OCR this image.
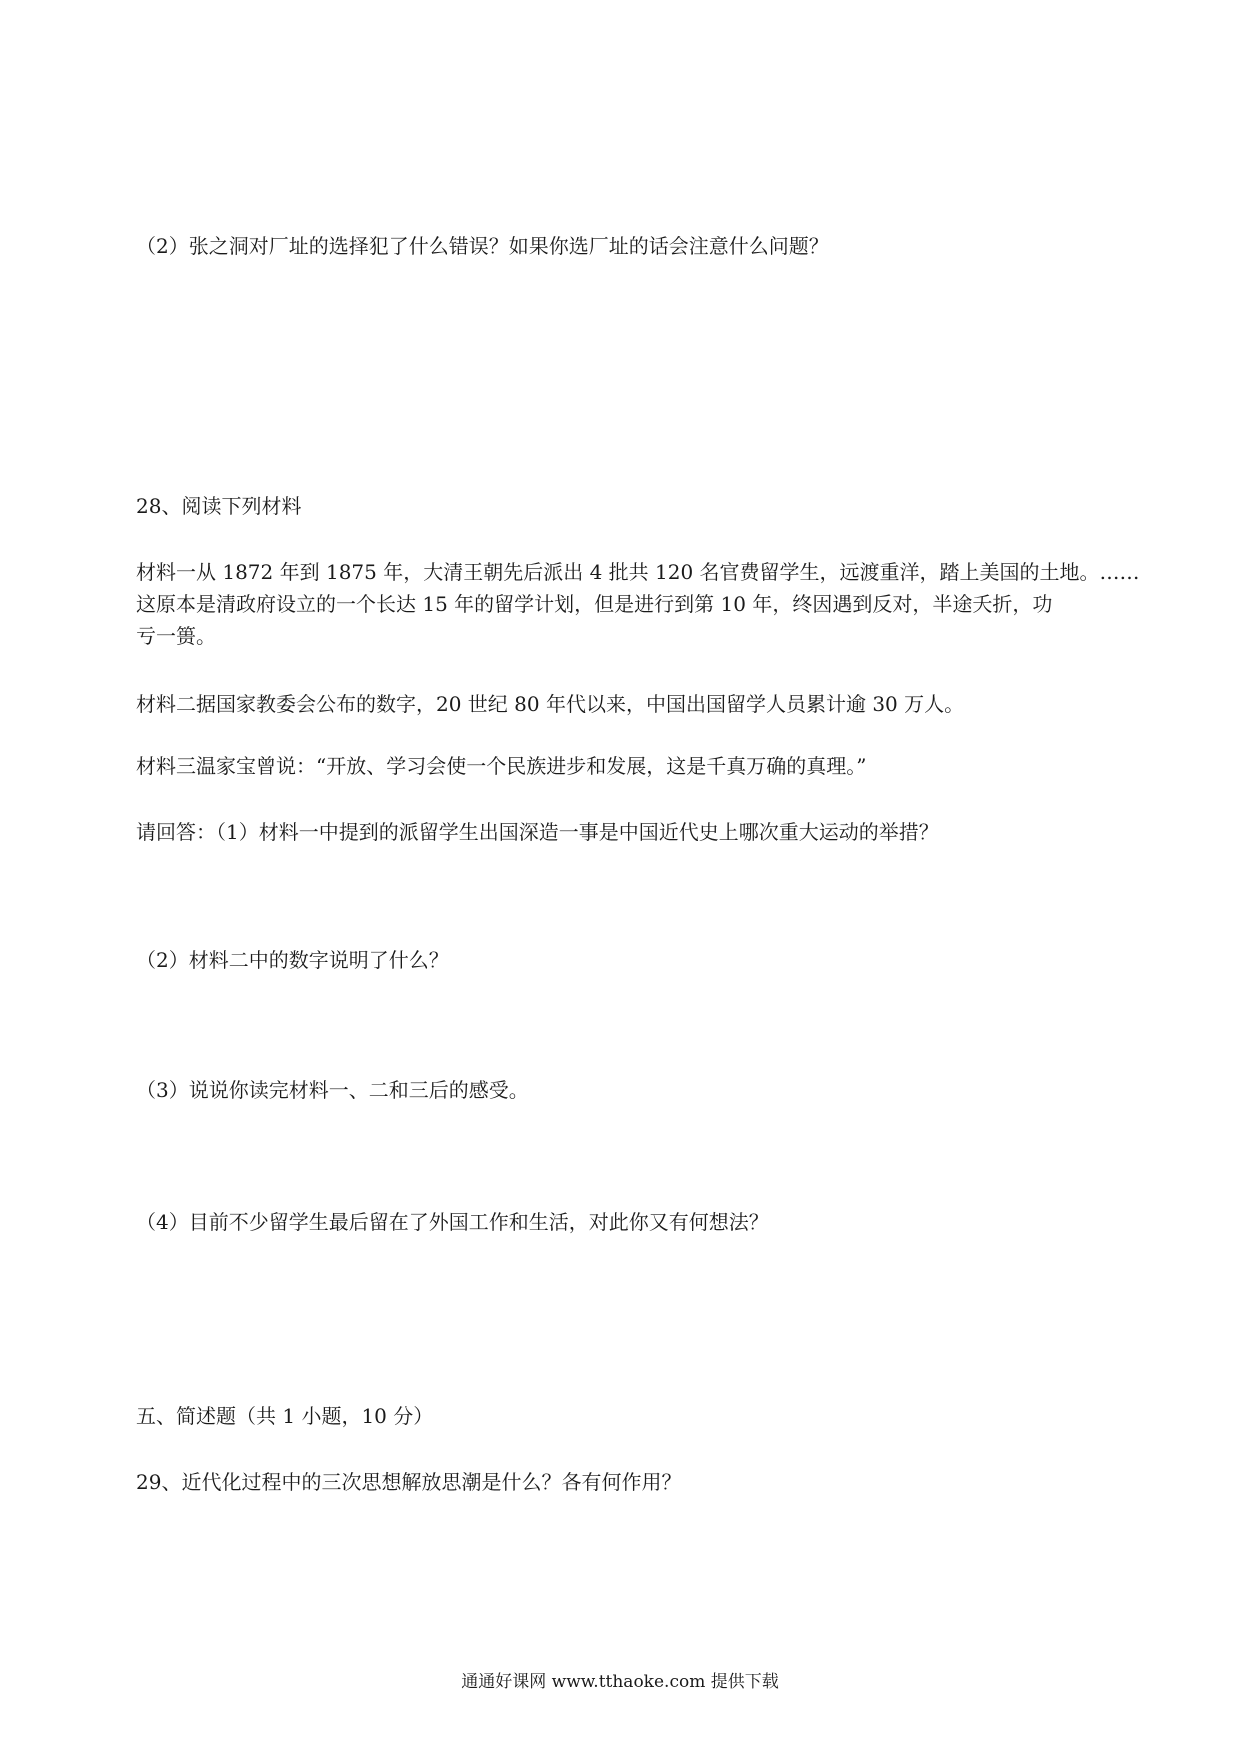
（2）张之洞对厂址的选择犯了什么错误？如果你选厂址的话会注意什么问题？
28、阅读下列材料
材料一从 1872 年到 1875 年，大清王朝先后派出 4 批共 120 名官费留学生，远渡重洋，踏上美国的土地。……
这原本是清政府设立的一个长达 15 年的留学计划，但是进行到第 10 年，终因遇到反对，半途夭折，功
亏一篑。
材料二据国家教委会公布的数字，20 世纪 80 年代以来，中国出国留学人员累计逾 30 万人。
材料三温家宝曾说：“开放、学习会使一个民族进步和发展，这是千真万确的真理。”
请回答：（1）材料一中提到的派留学生出国深造一事是中国近代史上哪次重大运动的举措？
（2）材料二中的数字说明了什么？
（3）说说你读完材料一、二和三后的感受。
（4）目前不少留学生最后留在了外国工作和生活，对此你又有何想法？
五、简述题（共 1 小题，10 分）
29、近代化过程中的三次思想解放思潮是什么？各有何作用？
通通好课网 www.tthaoke.com 提供下载
